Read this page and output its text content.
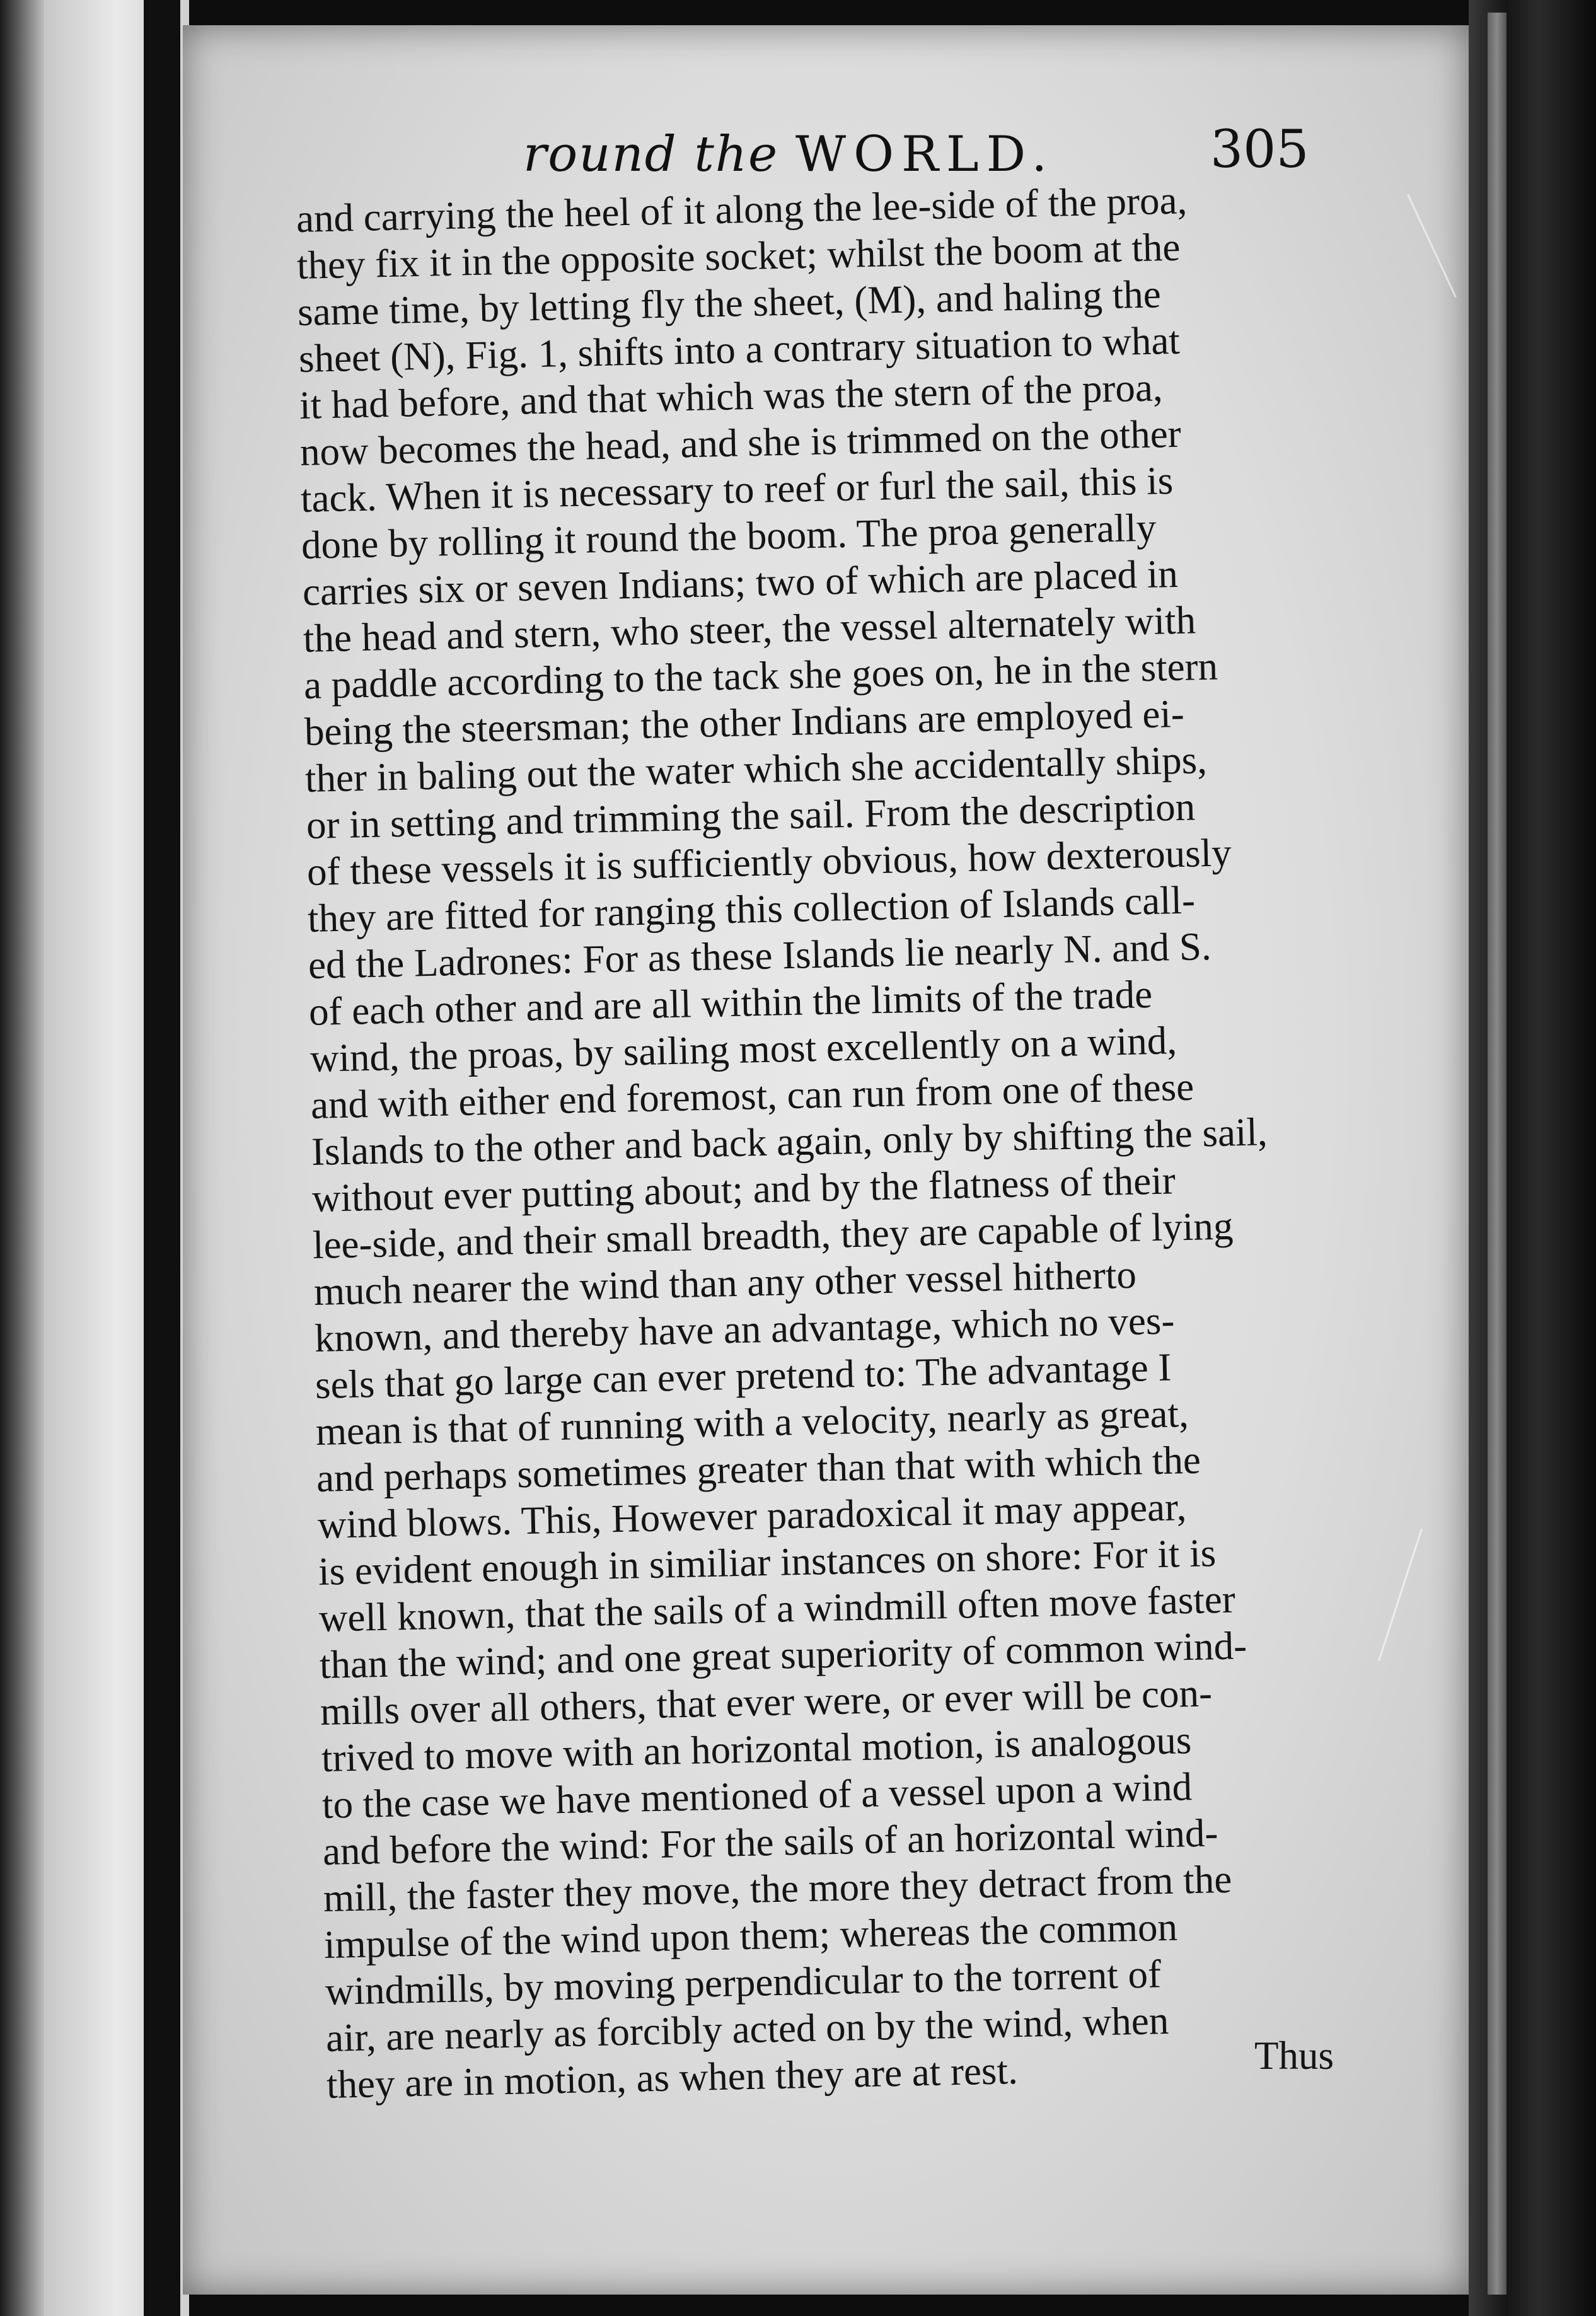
round the WORLD.	305
and carrying the heel of it along the lee-side of the proa,
they fix it in the opposite socket; whilst the boom at the
same time, by letting fly the sheet, (M), and haling the
sheet (N), Fig. 1, shifts into a contrary situation to what
it had before, and that which was the stern of the proa,
now becomes the head, and she is trimmed on the other
tack. When it is necessary to reef or furl the sail, this is
done by rolling it round the boom. The proa generally
carries six or seven Indians; two of which are placed in
the head and stern, who steer, the vessel alternately with
a paddle according to the tack she goes on, he in the stern
being the steersman; the other Indians are employed ei-
ther in baling out the water which she accidentally ships,
or in setting and trimming the sail. From the description
of these vessels it is sufficiently obvious, how dexterously
they are fitted for ranging this collection of Islands call-
ed the Ladrones: For as these Islands lie nearly N. and S.
of each other and are all within the limits of the trade
wind, the proas, by sailing most excellently on a wind,
and with either end foremost, can run from one of these
Islands to the other and back again, only by shifting the sail,
without ever putting about; and by the flatness of their
lee-side, and their small breadth, they are capable of lying
much nearer the wind than any other vessel hitherto
known, and thereby have an advantage, which no ves-
sels that go large can ever pretend to: The advantage I
mean is that of running with a velocity, nearly as great,
and perhaps sometimes greater than that with which the
wind blows. This, However paradoxical it may appear,
is evident enough in similiar instances on shore: For it is
well known, that the sails of a windmill often move faster
than the wind; and one great superiority of common wind-
mills over all others, that ever were, or ever will be con-
trived to move with an horizontal motion, is analogous
to the case we have mentioned of a vessel upon a wind
and before the wind: For the sails of an horizontal wind-
mill, the faster they move, the more they detract from the
impulse of the wind upon them; whereas the common
windmills, by moving perpendicular to the torrent of
air, are nearly as forcibly acted on by the wind, when
they are in motion, as when they are at rest.	Thus
